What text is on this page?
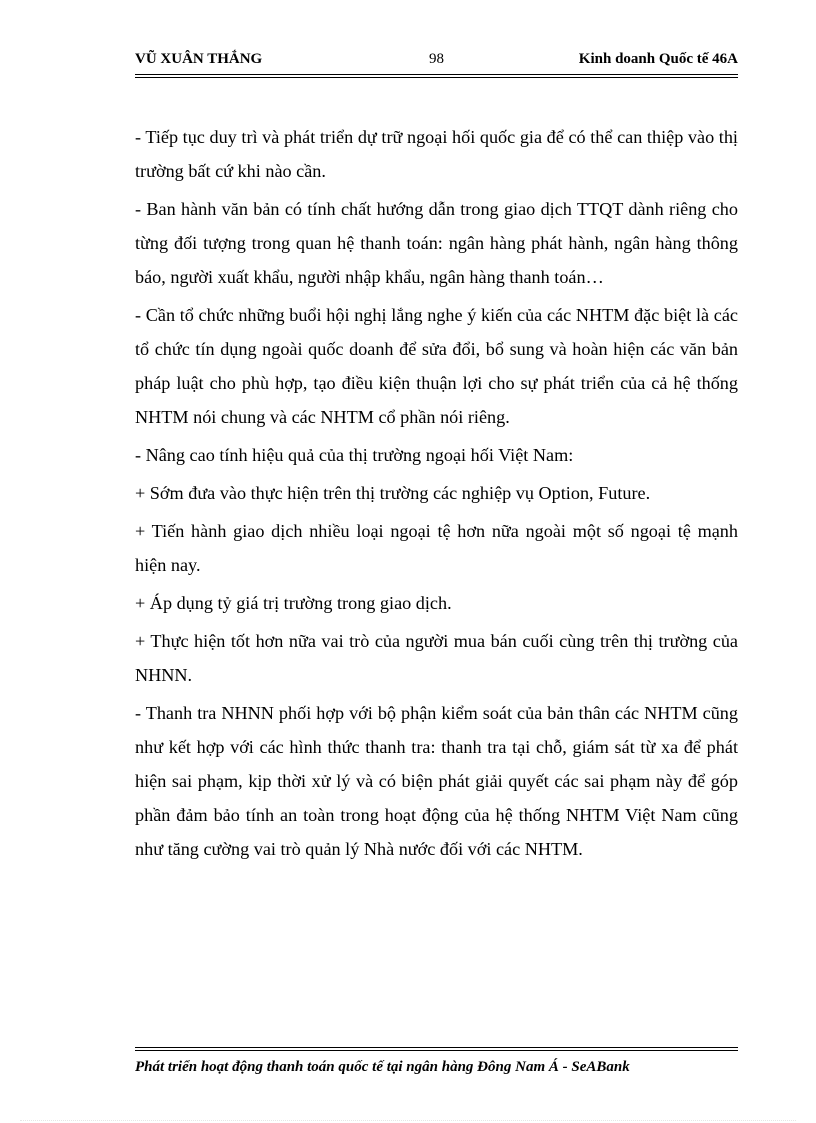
VŨ XUÂN THẮNG	98	Kinh doanh Quốc tế 46A

- Tiếp tục duy trì và phát triển dự trữ ngoại hối quốc gia để có thể can thiệp vào thị trường bất cứ khi nào cần.

- Ban hành văn bản có tính chất hướng dẫn trong giao dịch TTQT dành riêng cho từng đối tượng trong quan hệ thanh toán: ngân hàng phát hành, ngân hàng thông báo, người xuất khẩu, người nhập khẩu, ngân hàng thanh toán…

- Cần tổ chức những buổi hội nghị lắng nghe ý kiến của các NHTM đặc biệt là các tổ chức tín dụng ngoài quốc doanh để sửa đổi, bổ sung và hoàn hiện các văn bản pháp luật cho phù hợp, tạo điều kiện thuận lợi cho sự phát triển của cả hệ thống NHTM nói chung và các NHTM cổ phần nói riêng.

- Nâng cao tính hiệu quả của thị trường ngoại hối Việt Nam:

+ Sớm đưa vào thực hiện trên thị trường các nghiệp vụ Option, Future.

+ Tiến hành giao dịch nhiều loại ngoại tệ hơn nữa ngoài một số ngoại tệ mạnh hiện nay.

+ Áp dụng tỷ giá trị trường trong giao dịch.

+ Thực hiện tốt hơn nữa vai trò của người mua bán cuối cùng trên thị trường của NHNN.

- Thanh tra NHNN phối hợp với bộ phận kiểm soát của bản thân các NHTM cũng như kết hợp với các hình thức thanh tra: thanh tra tại chỗ, giám sát từ xa để phát hiện sai phạm, kịp thời xử lý và có biện phát giải quyết các sai phạm này để góp phần đảm bảo tính an toàn trong hoạt động của hệ thống NHTM Việt Nam cũng như tăng cường vai trò quản lý Nhà nước đối với các NHTM.

Phát triển hoạt động thanh toán quốc tế tại ngân hàng Đông Nam Á - SeABank
